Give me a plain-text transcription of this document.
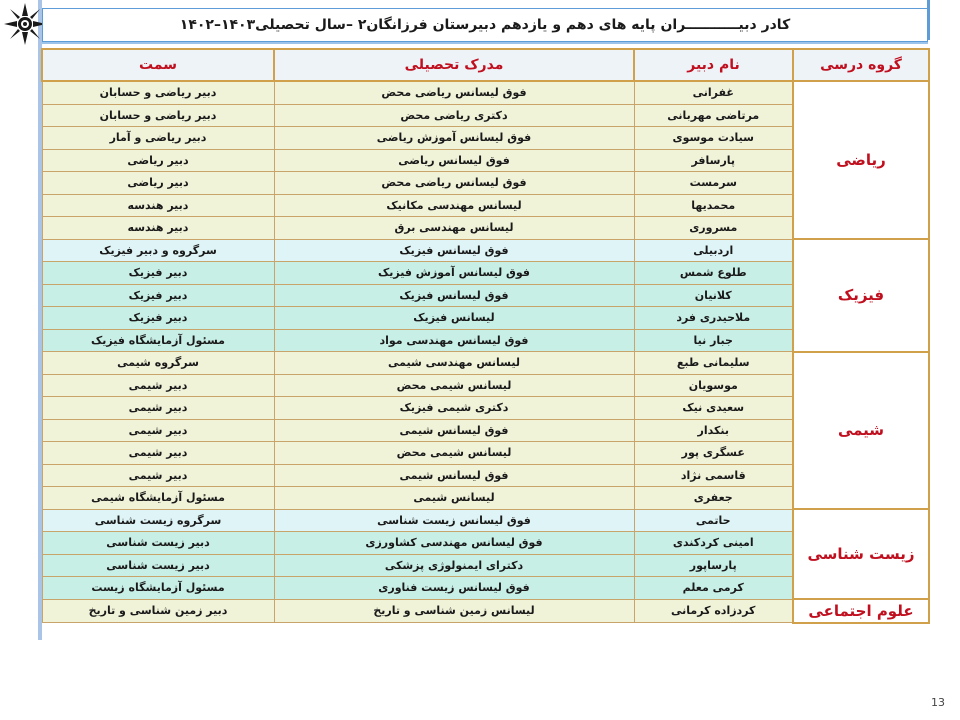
کادر دبیـــــــــــران پایه های دهم و یازدهم دبیرستان فرزانگان۲ –سال تحصیلی۱۴۰۳–۱۴۰۲
گروه درسی	نام دبیر	مدرک تحصیلی	سمت
ریاضی	غفرانی	فوق لیسانس ریاضی محض	دبیر ریاضی و حسابان
	مرتاضی مهربانی	دکتری ریاضی محض	دبیر ریاضی و حسابان
	سیادت موسوی	فوق لیسانس آموزش ریاضی	دبیر ریاضی و آمار
	پارسافر	فوق لیسانس ریاضی	دبیر ریاضی
	سرمست	فوق لیسانس ریاضی محض	دبیر ریاضی
	محمدیها	لیسانس مهندسی مکانیک	دبیر هندسه
	مسروری	لیسانس مهندسی برق	دبیر هندسه
فیزیک	اردبیلی	فوق لیسانس فیزیک	سرگروه و دبیر فیزیک
	طلوع شمس	فوق لیسانس آموزش فیزیک	دبیر فیزیک
	کلانیان	فوق لیسانس فیزیک	دبیر فیزیک
	ملاحیدری فرد	لیسانس فیزیک	دبیر فیزیک
	جبار نیا	فوق لیسانس مهندسی مواد	مسئول آزمایشگاه فیزیک
شیمی	سلیمانی طبع	لیسانس مهندسی شیمی	سرگروه شیمی
	موسویان	لیسانس شیمی محض	دبیر شیمی
	سعیدی نیک	دکتری شیمی فیزیک	دبیر شیمی
	بنکدار	فوق لیسانس شیمی	دبیر شیمی
	عسگری پور	لیسانس شیمی محض	دبیر شیمی
	قاسمی نژاد	فوق لیسانس شیمی	دبیر شیمی
	جعفری	لیسانس شیمی	مسئول آزمایشگاه شیمی
زیست شناسی	حاتمی	فوق لیسانس زیست شناسی	سرگروه زیست شناسی
	امینی کردکندی	فوق لیسانس مهندسی کشاورزی	دبیر زیست شناسی
	پارساپور	دکترای ایمنولوژی پزشکی	دبیر زیست شناسی
	کرمی معلم	فوق لیسانس زیست فناوری	مسئول آزمایشگاه زیست
علوم اجتماعی	کردزاده کرمانی	لیسانس زمین شناسی و تاریخ	دبیر زمین شناسی و تاریخ
13
